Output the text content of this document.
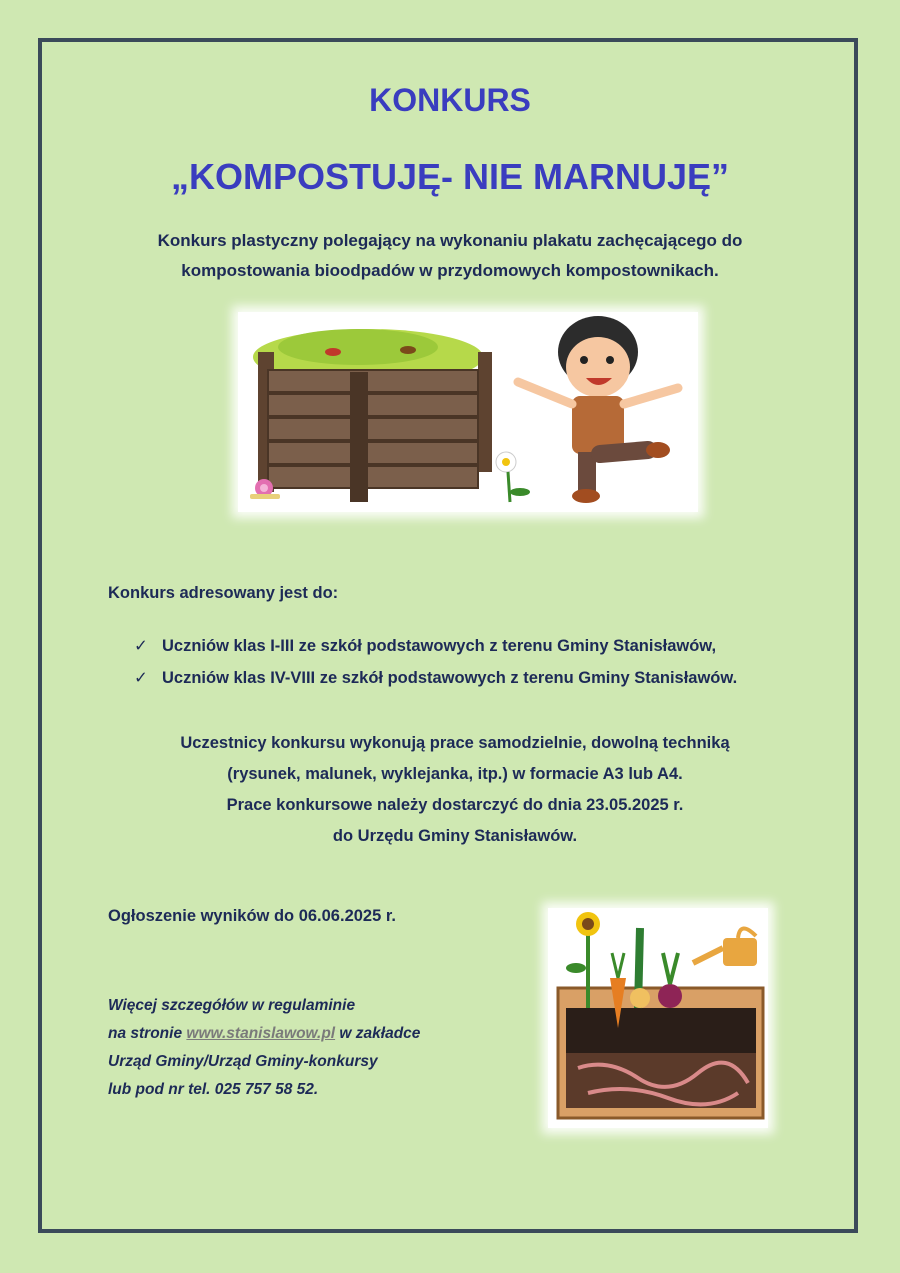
KONKURS
„KOMPOSTUJĘ- NIE MARNUJĘ”
Konkurs plastyczny polegający na wykonaniu plakatu zachęcającego do
kompostowania bioodpadów w przydomowych kompostownikach.
Konkurs adresowany jest do:
✓ Uczniów klas I-III ze szkół podstawowych z terenu Gminy Stanisławów,
✓ Uczniów klas IV-VIII ze szkół podstawowych z terenu Gminy Stanisławów.
Uczestnicy konkursu wykonują prace samodzielnie, dowolną techniką
(rysunek, malunek, wyklejanka, itp.) w formacie A3 lub A4.
Prace konkursowe należy dostarczyć do dnia 23.05.2025 r.
do Urzędu Gminy Stanisławów.
Ogłoszenie wyników do 06.06.2025 r.
Więcej szczegółów w regulaminie
na stronie www.stanislawow.pl w zakładce
Urząd Gminy/Urząd Gminy-konkursy
lub pod nr tel. 025 757 58 52.
